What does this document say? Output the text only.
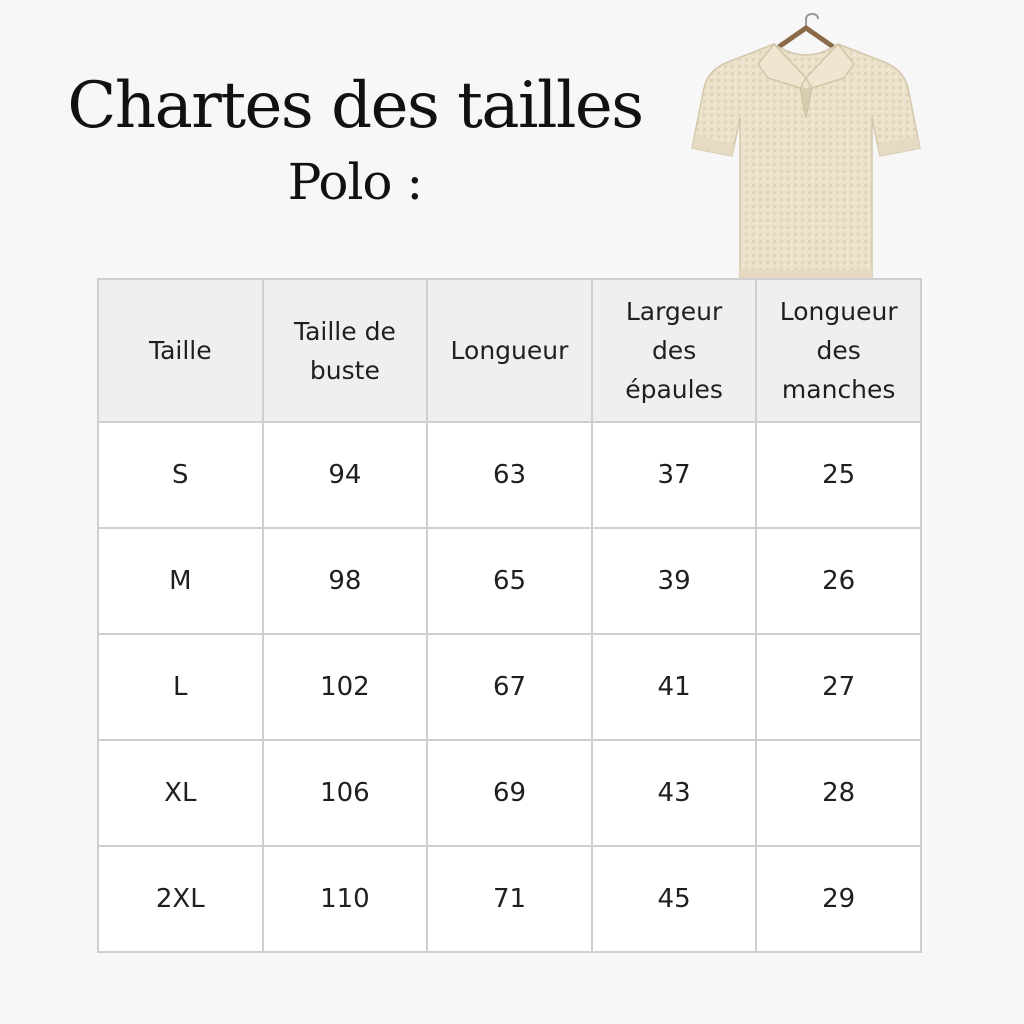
Chartes des tailles
Polo :
Taille	Taille de buste	Longueur	Largeur des épaules	Longueur des manches
S	94	63	37	25
M	98	65	39	26
L	102	67	41	27
XL	106	69	43	28
2XL	110	71	45	29
